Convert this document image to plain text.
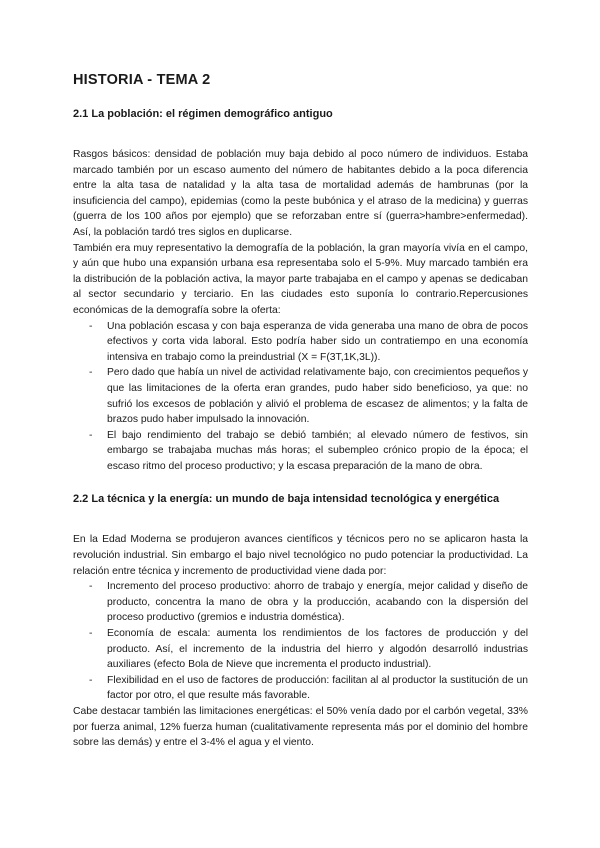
HISTORIA - TEMA 2
2.1 La población: el régimen demográfico antiguo

Rasgos básicos: densidad de población muy baja debido al poco número de individuos. Estaba marcado también por un escaso aumento del número de habitantes debido a la poca diferencia entre la alta tasa de natalidad y la alta tasa de mortalidad además de hambrunas (por la insuficiencia del campo), epidemias (como la peste bubónica y el atraso de la medicina) y guerras (guerra de los 100 años por ejemplo) que se reforzaban entre sí (guerra>hambre>enfermedad). Así, la población tardó tres siglos en duplicarse.

También era muy representativo la demografía de la población, la gran mayoría vivía en el campo, y aún que hubo una expansión urbana esa representaba solo el 5-9%. Muy marcado también era la distribución de la población activa, la mayor parte trabajaba en el campo y apenas se dedicaban al sector secundario y terciario. En las ciudades esto suponía lo contrario.Repercusiones económicas de la demografía sobre la oferta:

- Una población escasa y con baja esperanza de vida generaba una mano de obra de pocos efectivos y corta vida laboral. Esto podría haber sido un contratiempo en una economía intensiva en trabajo como la preindustrial (X = F(3T,1K,3L)).
- Pero dado que había un nivel de actividad relativamente bajo, con crecimientos pequeños y que las limitaciones de la oferta eran grandes, pudo haber sido beneficioso, ya que: no sufrió los excesos de población y alivió el problema de escasez de alimentos; y la falta de brazos pudo haber impulsado la innovación.
- El bajo rendimiento del trabajo se debió también; al elevado número de festivos, sin embargo se trabajaba muchas más horas; el subempleo crónico propio de la época; el escaso ritmo del proceso productivo; y la escasa preparación de la mano de obra.
2.2 La técnica y la energía: un mundo de baja intensidad tecnológica y energética

En la Edad Moderna se produjeron avances científicos y técnicos pero no se aplicaron hasta la revolución industrial. Sin embargo el bajo nivel tecnológico no pudo potenciar la productividad. La relación entre técnica y incremento de productividad viene dada por:

- Incremento del proceso productivo: ahorro de trabajo y energía, mejor calidad y diseño de producto, concentra la mano de obra y la producción, acabando con la dispersión del proceso productivo (gremios e industria doméstica).
- Economía de escala: aumenta los rendimientos de los factores de producción y del producto. Así, el incremento de la industria del hierro y algodón desarrolló industrias auxiliares (efecto Bola de Nieve que incrementa el producto industrial).
- Flexibilidad en el uso de factores de producción: facilitan al al productor la sustitución de un factor por otro, el que resulte más favorable.

Cabe destacar también las limitaciones energéticas: el 50% venía dado por el carbón vegetal, 33% por fuerza animal, 12% fuerza human (cualitativamente representa más por el dominio del hombre sobre las demás) y entre el 3-4% el agua y el viento.
